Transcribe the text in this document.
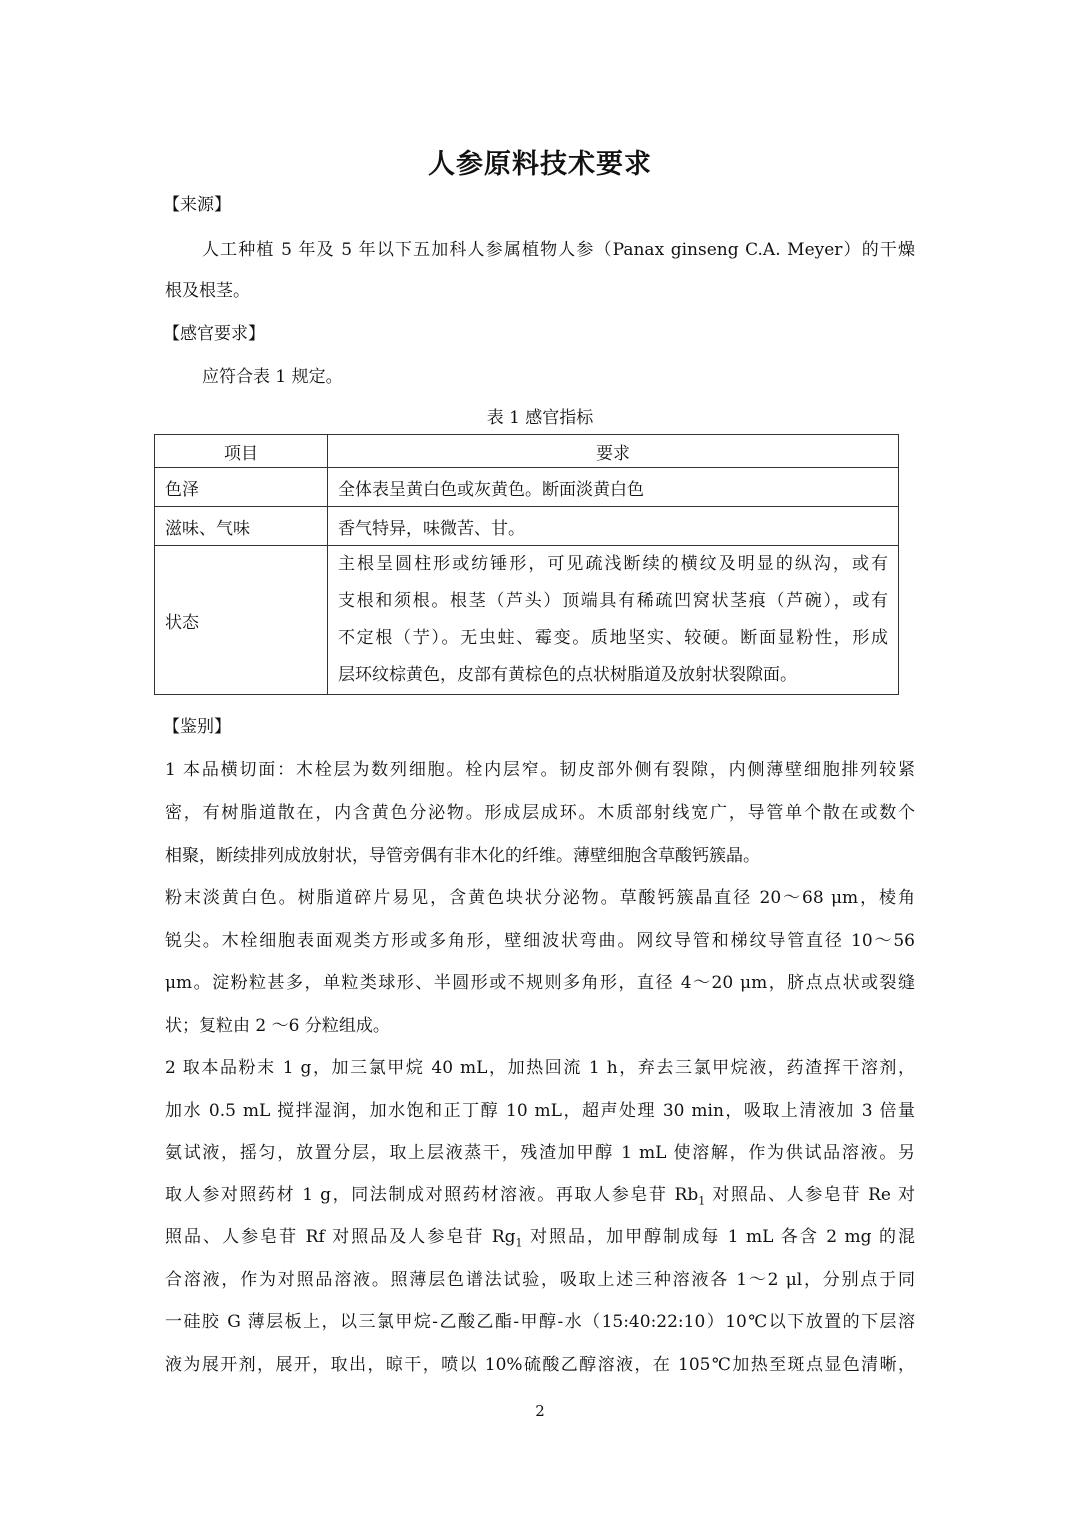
人参原料技术要求
【来源】
人工种植 5 年及 5 年以下五加科人参属植物人参（Panax ginseng C.A. Meyer）的干燥
根及根茎。
【感官要求】
应符合表 1 规定。
表 1 感官指标
项目	要求
色泽	全体表呈黄白色或灰黄色。断面淡黄白色
滋味、气味	香气特异，味微苦、甘。
状态	主根呈圆柱形或纺锤形，可见疏浅断续的横纹及明显的纵沟，或有
支根和须根。根茎（芦头）顶端具有稀疏凹窝状茎痕（芦碗），或有
不定根（艼）。无虫蛀、霉变。质地坚实、较硬。断面显粉性，形成
层环纹棕黄色，皮部有黄棕色的点状树脂道及放射状裂隙面。
【鉴别】
1 本品横切面：木栓层为数列细胞。栓内层窄。韧皮部外侧有裂隙，内侧薄壁细胞排列较紧
密，有树脂道散在，内含黄色分泌物。形成层成环。木质部射线宽广，导管单个散在或数个
相聚，断续排列成放射状，导管旁偶有非木化的纤维。薄壁细胞含草酸钙簇晶。
粉末淡黄白色。树脂道碎片易见，含黄色块状分泌物。草酸钙簇晶直径 20～68 μm，棱角
锐尖。木栓细胞表面观类方形或多角形，壁细波状弯曲。网纹导管和梯纹导管直径 10～56
μm。淀粉粒甚多，单粒类球形、半圆形或不规则多角形，直径 4～20 μm，脐点点状或裂缝
状；复粒由 2 ～6 分粒组成。
2 取本品粉末 1 g，加三氯甲烷 40 mL，加热回流 1 h，弃去三氯甲烷液，药渣挥干溶剂，
加水 0.5 mL 搅拌湿润，加水饱和正丁醇 10 mL，超声处理 30 min，吸取上清液加 3 倍量
氨试液，摇匀，放置分层，取上层液蒸干，残渣加甲醇 1 mL 使溶解，作为供试品溶液。另
取人参对照药材 1 g，同法制成对照药材溶液。再取人参皂苷 $Rb_1$ 对照品、人参皂苷 Re 对
照品、人参皂苷 Rf 对照品及人参皂苷 $Rg_1$ 对照品，加甲醇制成每 1 mL 各含 2 mg 的混
合溶液，作为对照品溶液。照薄层色谱法试验，吸取上述三种溶液各 1～2 μl，分别点于同
一硅胶 G 薄层板上，以三氯甲烷-乙酸乙酯-甲醇-水（15:40:22:10）10℃以下放置的下层溶
液为展开剂，展开，取出，晾干，喷以 10%硫酸乙醇溶液，在 105℃加热至斑点显色清晰，
2
